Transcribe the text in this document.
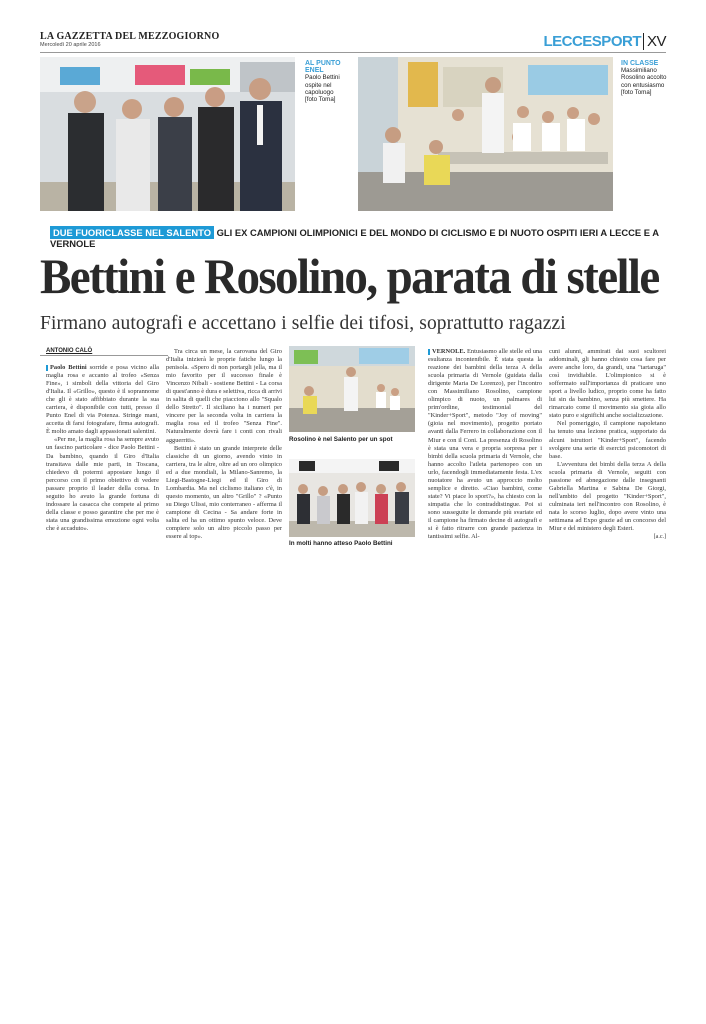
LA GAZZETTA DEL MEZZOGIORNO
Mercoledì 20 aprile 2016	LECCESPORT XV
AL PUNTO ENEL
Paolo Bettini ospite nel capoluogo
[foto Toma]
IN CLASSE
Massimiliano Rosolino accolto con entusiasmo
[foto Toma]
DUE FUORICLASSE NEL SALENTO GLI EX CAMPIONI OLIMPIONICI E DEL MONDO DI CICLISMO E DI NUOTO OSPITI IERI A LECCE E A VERNOLE
Bettini e Rosolino, parata di stelle
Firmano autografi e accettano i selfie dei tifosi, soprattutto ragazzi
ANTONIO CALÒ

Paolo Bettini sorride e posa vicino alla maglia rosa e accanto al trofeo «Senza Fine», i simboli della vittoria del Giro d'Italia. Il «Grillo», questo è il soprannome che gli è stato affibbiato durante la sua carriera, è disponibile con tutti, presso il Punto Enel di via Potenza. Stringe mani, accetta di farsi fotografare, firma autografi. È molto amato dagli appassionati salentini.

«Per me, la maglia rosa ha sempre avuto un fascino particolare - dice Paolo Bettini - Da bambino, quando il Giro d'Italia transitava dalle mie parti, in Toscana, chiedevo di potermi appostare lungo il percorso con il primo obiettivo di vedere passare proprio il leader della corsa. In seguito ho avuto la grande fortuna di indossare la casacca che compete al primo della classe e posso garantire che per me è stata una grandissima emozione ogni volta che è accaduto».

Tra circa un mese, la carovana del Giro d'Italia inizierà le proprie fatiche lungo la penisola. «Spero di non portargli jella, ma il mio favorito per il successo finale è Vincenzo Nibali - sostiene Bettini - La corsa di quest'anno è dura e selettiva, ricca di arrivi in salita di quelli che piacciono allo "Squalo dello Stretto". Il siciliano ha i numeri per vincere per la seconda volta in carriera la maglia rosa ed il trofeo "Senza Fine". Naturalmente dovrà fare i conti con rivali agguerriti».

Bettini è stato un grande interprete delle classiche di un giorno, avendo vinto in carriera, tra le altre, oltre ad un oro olimpico ed a due mondiali, la Milano-Sanremo, la Liegi-Bastogne-Liegi ed il Giro di Lombardia. Ma nel ciclismo italiano c'è, in questo momento, un altro "Grillo" ? «Punto su Diego Ulissi, mio conterraneo - afferma il campione di Cecina - Sa andare forte in salita ed ha un ottimo spunto veloce. Deve compiere solo un altro piccolo passo per essere al top».

Rosolino è nel Salento per un spot
In molti hanno atteso Paolo Bettini

VERNOLE. Entusiasmo alle stelle ed una esultanza incontenibile. È stata questa la reazione dei bambini della terza A della scuola primaria di Vernole (guidata dalla dirigente Maria De Lorenzo), per l'incontro con Massimiliano Rosolino, campione olimpico di nuoto, un palmares di prim'ordine, testimonial del "Kinder+Sport", metodo "Joy of moving" (gioia nel movimento), progetto portato avanti dalla Ferrero in collaborazione con il Miur e con il Coni. La presenza di Rosolino è stata una vera e propria sorpresa per i bimbi della scuola primaria di Vernole, che hanno accolto l'atleta partenopeo con un urlo, facendogli immediatamente festa. L'ex nuotatore ha avuto un approccio molto semplice e diretto. «Ciao bambini, come state? Vi piace lo sport?», ha chiesto con la simpatia che lo contraddistingue. Poi si sono susseguite le domande più svariate ed il campione ha firmato decine di autografi e si è fatto ritrarre con grande pazienza in tantissimi selfie. Al-

cuni alunni, ammirati dai suoi scultorei addominali, gli hanno chiesto cosa fare per avere anche loro, da grandi, una "tartaruga" così invidiabile. L'olimpionico si è soffermato sull'importanza di praticare uno sport a livello ludico, proprio come ha fatto lui sin da bambino, senza più smettere. Ha rimarcato come il movimento sia gioia allo stato puro e significhi anche socializzazione.

Nel pomeriggio, il campione napoletano ha tenuto una lezione pratica, supportato da alcuni istruttori "Kinder+Sport", facendo svolgere una serie di esercizi psicomotori di base.

L'avventura dei bimbi della terza A della scuola primaria di Vernole, seguiti con passione ed abnegazione dalle insegnanti Gabriella Martina e Sabina De Giorgi, nell'ambito del progetto "Kinder+Sport", culminata ieri nell'incontro con Rosolino, è nata lo scorso luglio, dopo avere vinto una settimana ad Expo grazie ad un concorso del Miur e del ministero degli Esteri.

[a.c.]
